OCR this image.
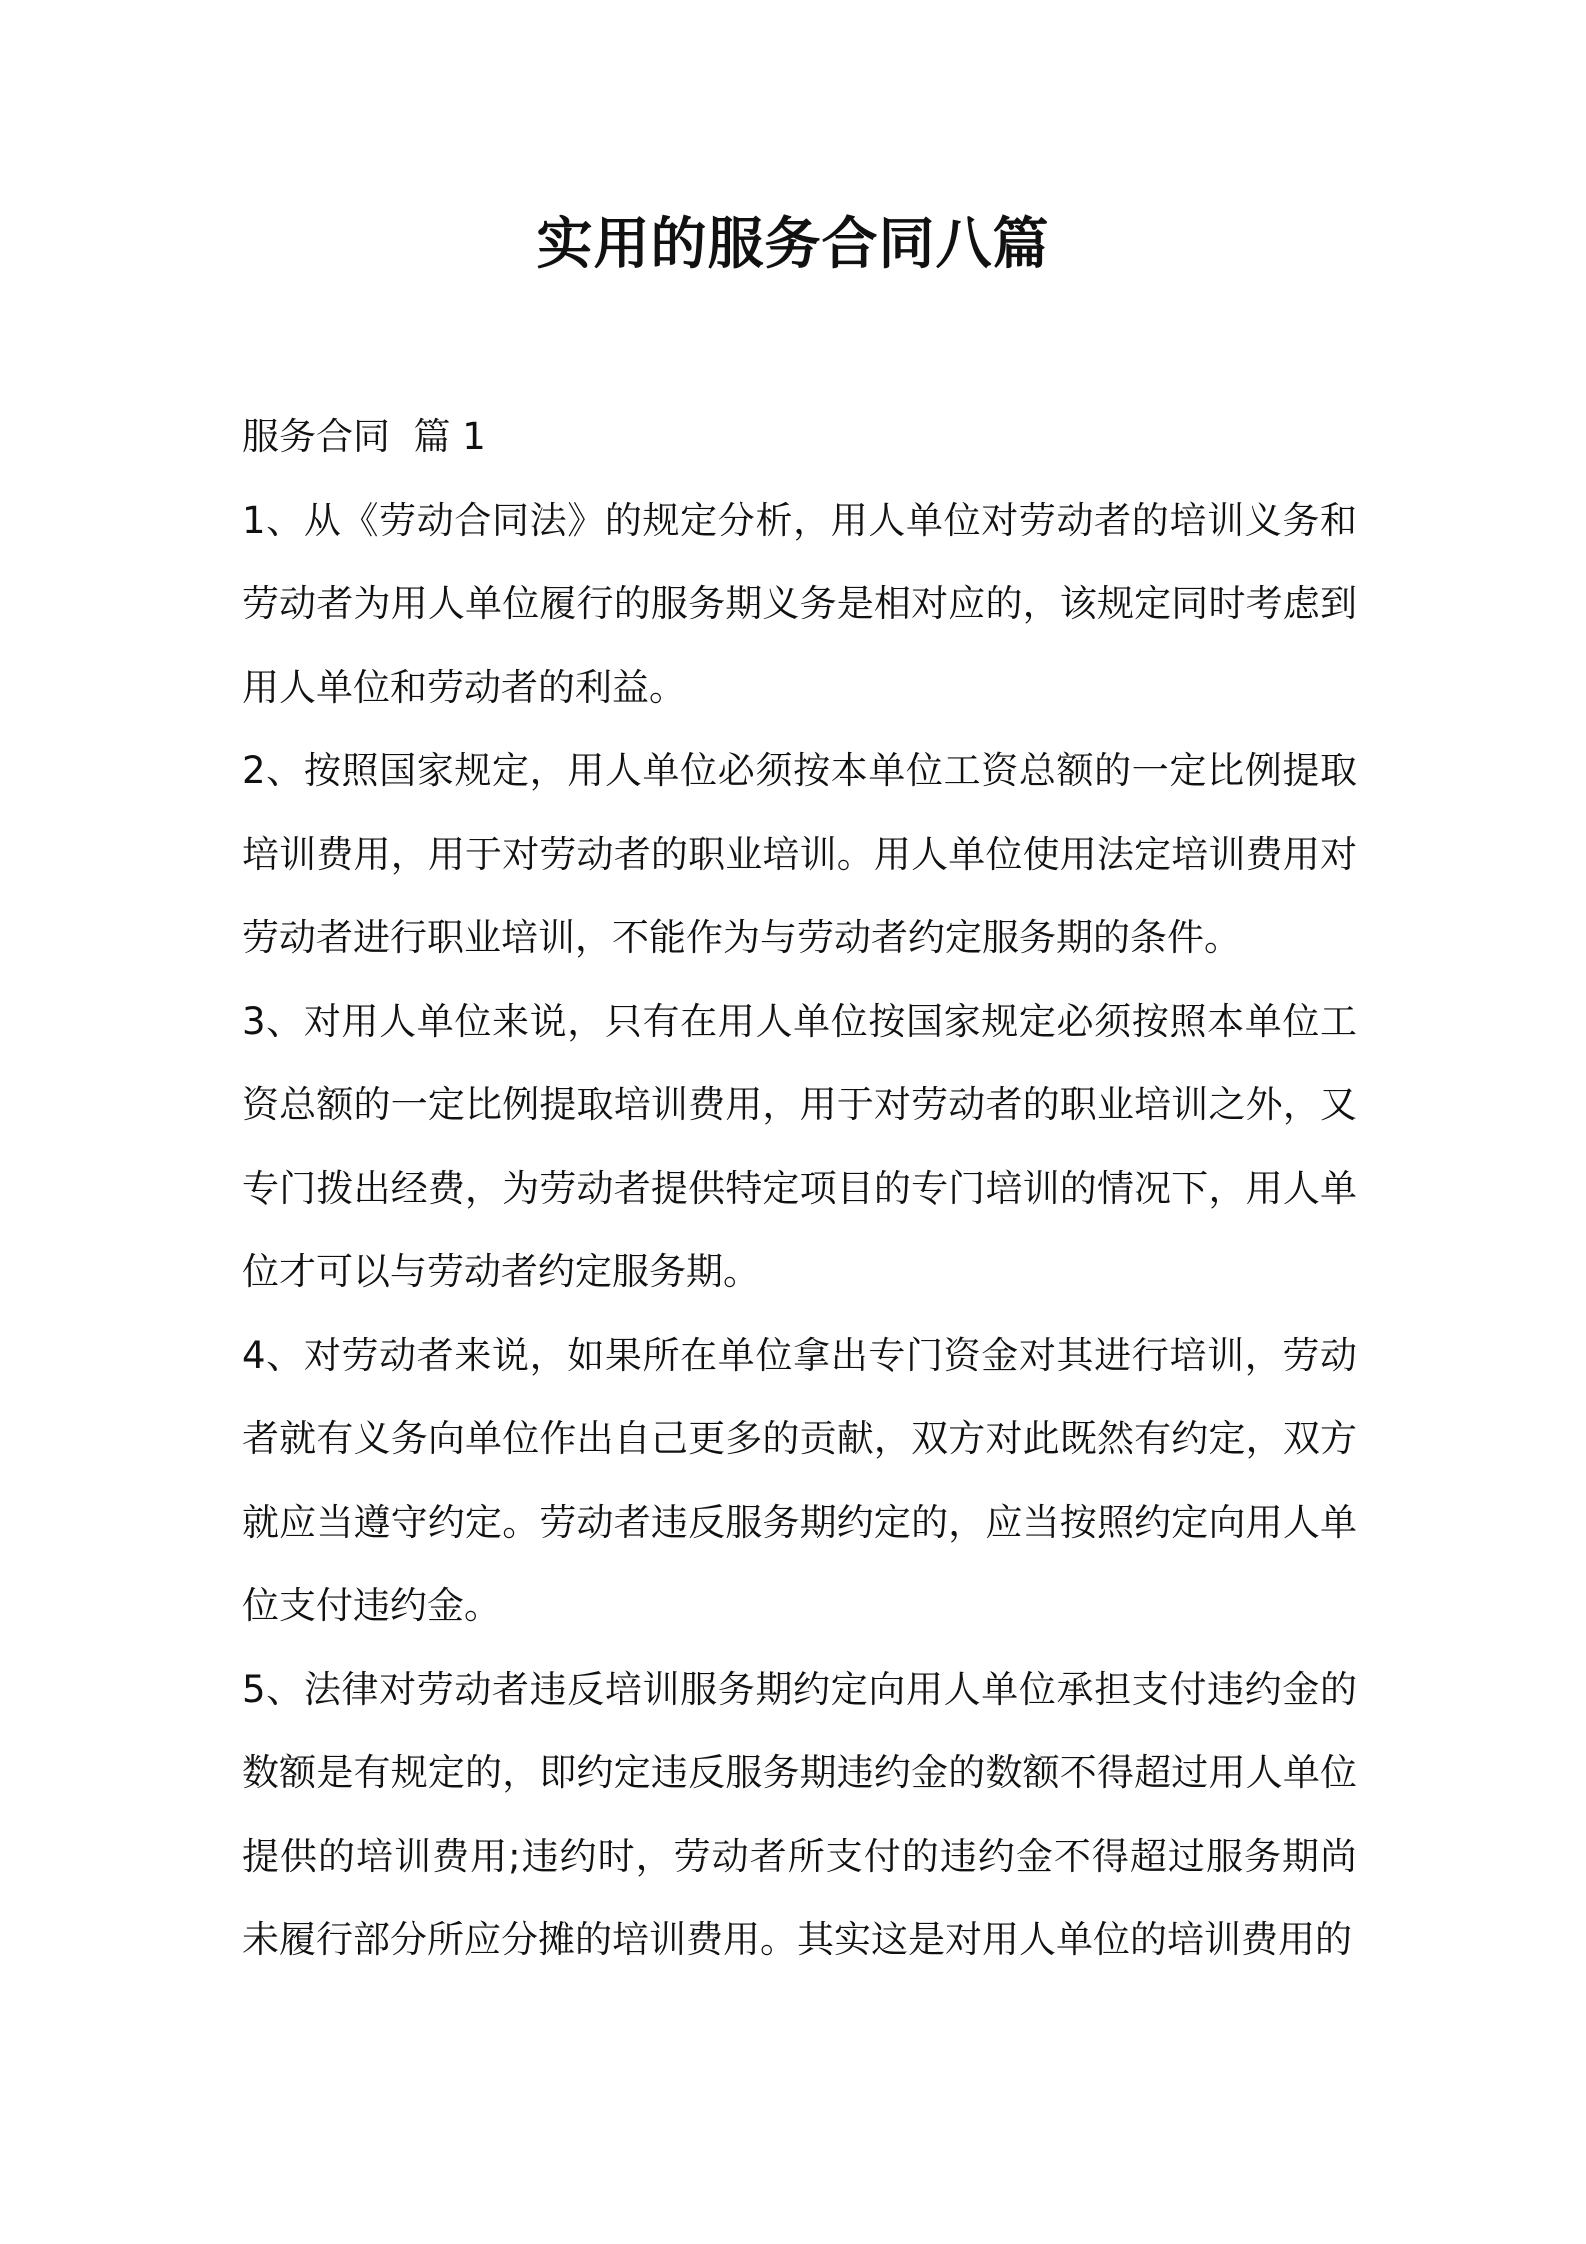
实用的服务合同八篇

服务合同  篇 1

1、从《劳动合同法》的规定分析，用人单位对劳动者的培训义务和劳动者为用人单位履行的服务期义务是相对应的，该规定同时考虑到用人单位和劳动者的利益。

2、按照国家规定，用人单位必须按本单位工资总额的一定比例提取培训费用，用于对劳动者的职业培训。用人单位使用法定培训费用对劳动者进行职业培训，不能作为与劳动者约定服务期的条件。

3、对用人单位来说，只有在用人单位按国家规定必须按照本单位工资总额的一定比例提取培训费用，用于对劳动者的职业培训之外，又专门拨出经费，为劳动者提供特定项目的专门培训的情况下，用人单位才可以与劳动者约定服务期。

4、对劳动者来说，如果所在单位拿出专门资金对其进行培训，劳动者就有义务向单位作出自己更多的贡献，双方对此既然有约定，双方就应当遵守约定。劳动者违反服务期约定的，应当按照约定向用人单位支付违约金。

5、法律对劳动者违反培训服务期约定向用人单位承担支付违约金的数额是有规定的，即约定违反服务期违约金的数额不得超过用人单位提供的培训费用;违约时，劳动者所支付的违约金不得超过服务期尚未履行部分所应分摊的培训费用。其实这是对用人单位的培训费用的
